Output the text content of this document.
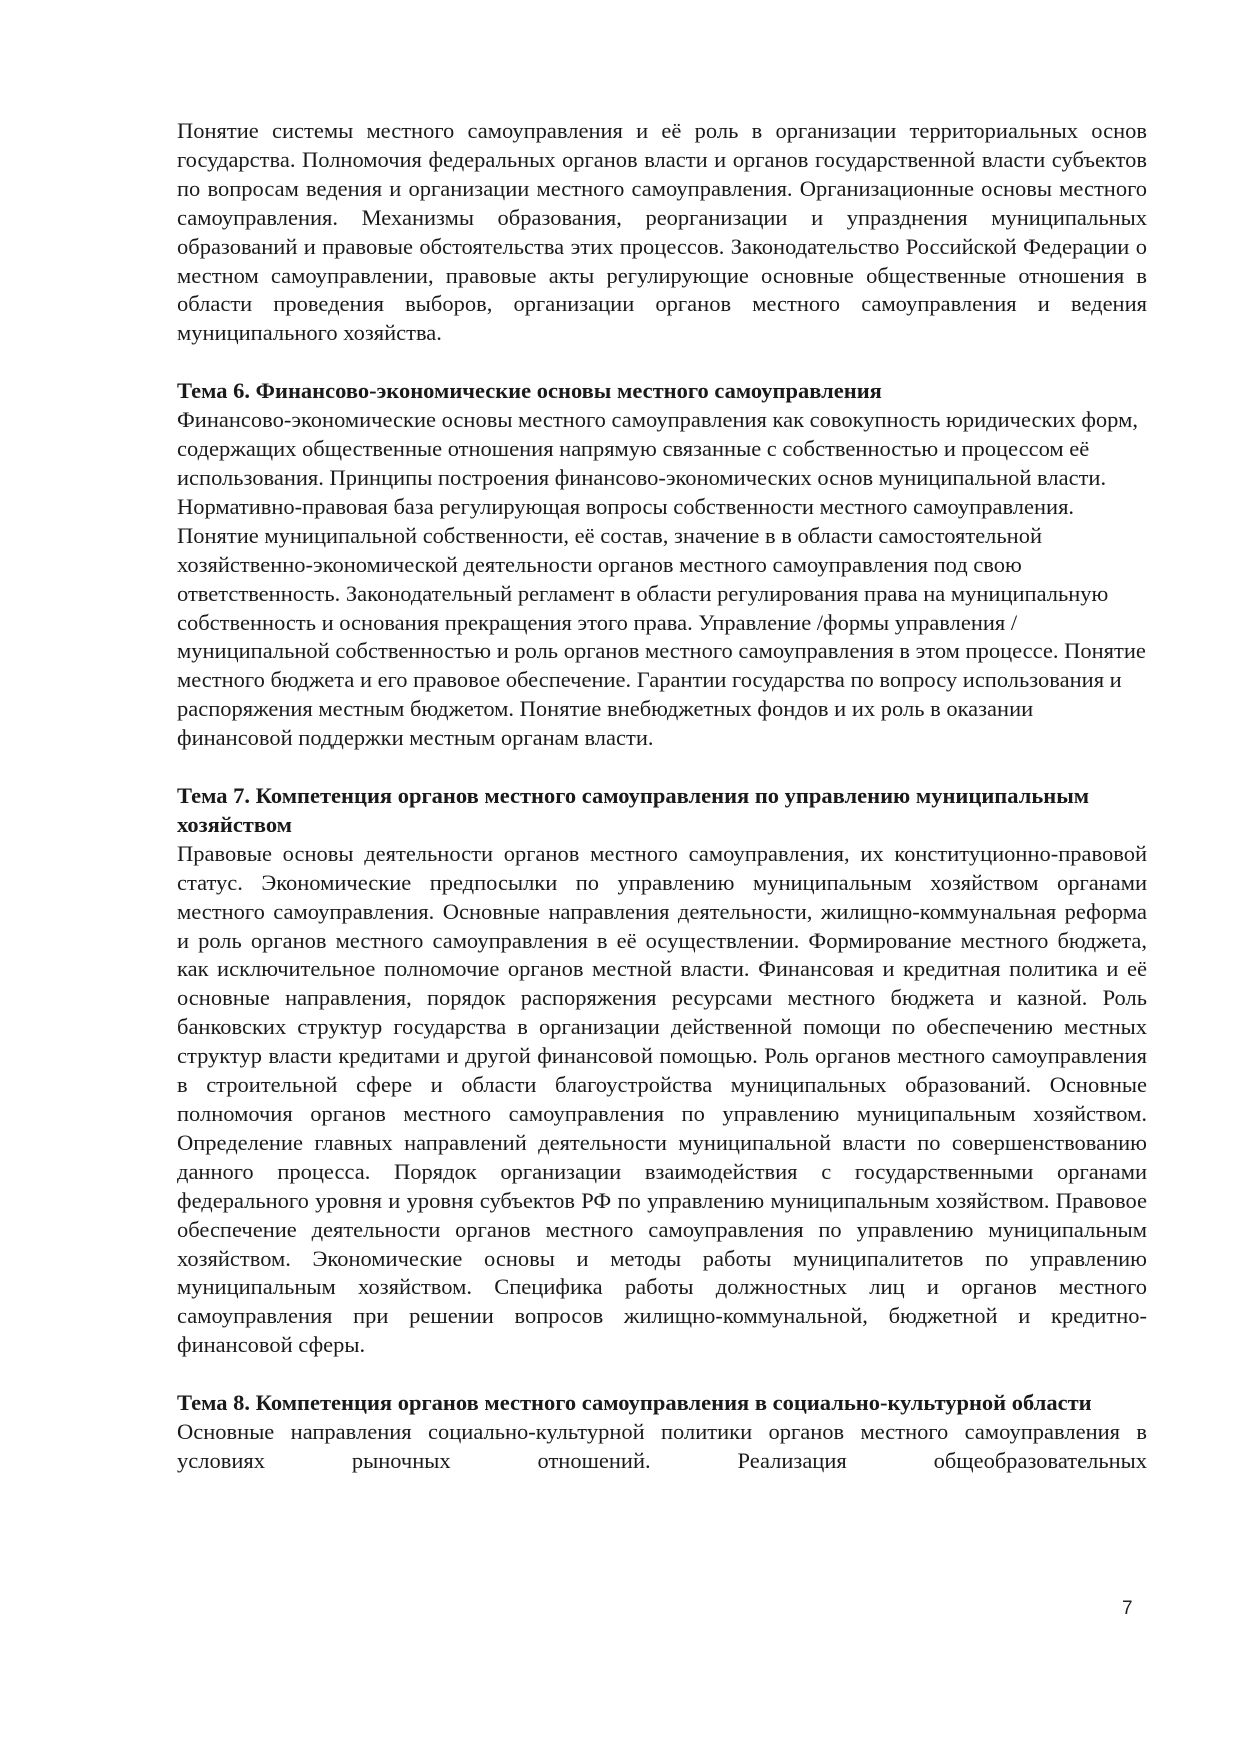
Понятие системы местного самоуправления и её роль в организации территориальных основ государства. Полномочия федеральных органов власти и органов государственной власти субъектов по вопросам ведения и организации местного самоуправления. Организационные основы местного самоуправления. Механизмы образования, реорганизации и упразднения муниципальных образований и правовые обстоятельства этих процессов. Законодательство Российской Федерации о местном самоуправлении, правовые акты регулирующие основные общественные отношения в области проведения выборов, организации органов местного самоуправления и ведения муниципального хозяйства.

Тема 6. Финансово-экономические основы местного самоуправления

Финансово-экономические основы местного самоуправления как совокупность юридических форм, содержащих общественные отношения напрямую связанные с собственностью и процессом её использования. Принципы построения финансово-экономических основ муниципальной власти. Нормативно-правовая база регулирующая вопросы собственности местного самоуправления. Понятие муниципальной собственности, её состав, значение в в области самостоятельной хозяйственно-экономической деятельности органов местного самоуправления под свою ответственность. Законодательный регламент в области регулирования права на муниципальную собственность и основания прекращения этого права. Управление /формы управления / муниципальной собственностью и роль органов местного самоуправления в этом процессе. Понятие местного бюджета и его правовое обеспечение. Гарантии государства по вопросу использования и распоряжения местным бюджетом. Понятие внебюджетных фондов и их роль в оказании финансовой поддержки местным органам власти.

Тема 7. Компетенция органов местного самоуправления по управлению муниципальным хозяйством

Правовые основы деятельности органов местного самоуправления, их конституционно-правовой статус. Экономические предпосылки по управлению муниципальным хозяйством органами местного самоуправления. Основные направления деятельности, жилищно-коммунальная реформа и роль органов местного самоуправления в её осуществлении. Формирование местного бюджета, как исключительное полномочие органов местной власти. Финансовая и кредитная политика и её основные направления, порядок распоряжения ресурсами местного бюджета и казной. Роль банковских структур государства в организации действенной помощи по обеспечению местных структур власти кредитами и другой финансовой помощью. Роль органов местного самоуправления в строительной сфере и области благоустройства муниципальных образований. Основные полномочия органов местного самоуправления по управлению муниципальным хозяйством. Определение главных направлений деятельности муниципальной власти по совершенствованию данного процесса. Порядок организации взаимодействия с государственными органами федерального уровня и уровня субъектов РФ по управлению муниципальным хозяйством. Правовое обеспечение деятельности органов местного самоуправления по управлению муниципальным хозяйством. Экономические основы и методы работы муниципалитетов по управлению муниципальным хозяйством. Специфика работы должностных лиц и органов местного самоуправления при решении вопросов жилищно-коммунальной, бюджетной и кредитно-финансовой сферы.

Тема 8. Компетенция органов местного самоуправления в социально-культурной области

Основные направления социально-культурной политики органов местного самоуправления в условиях рыночных отношений. Реализация общеобразовательных

7
